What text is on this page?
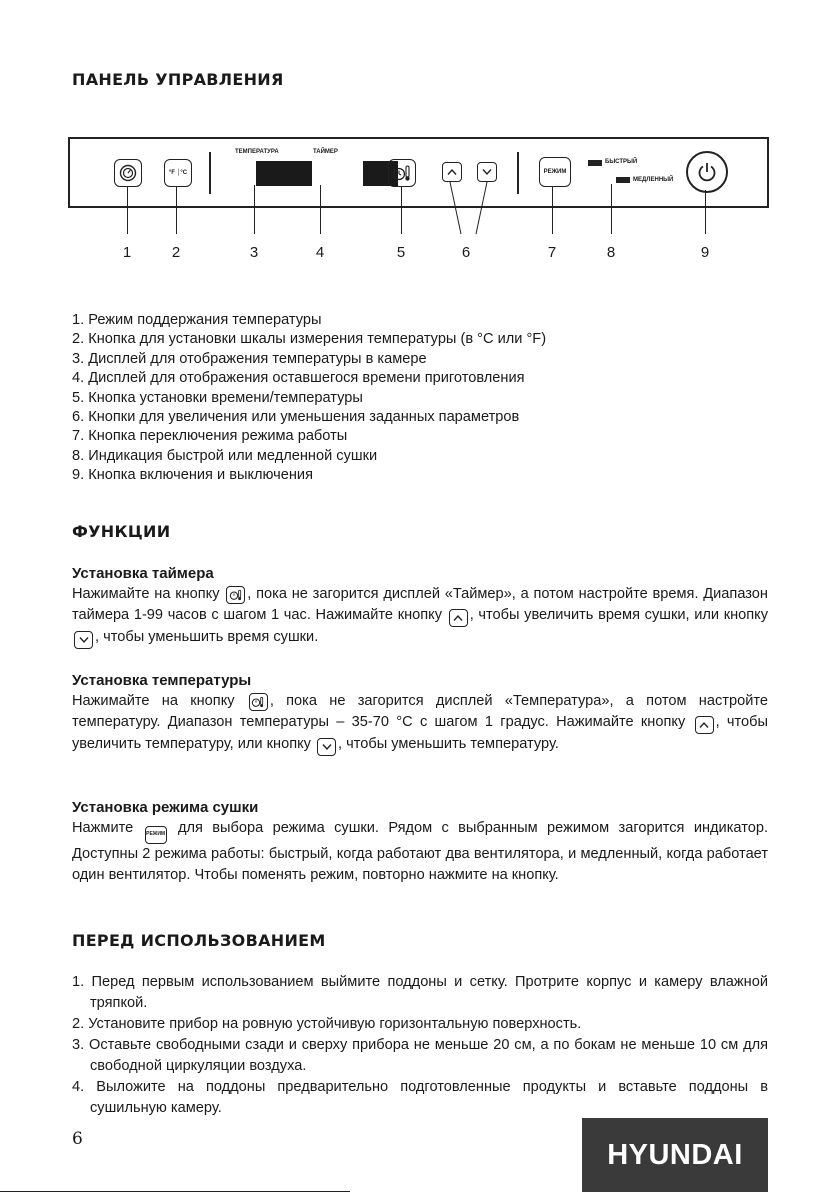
ПАНЕЛЬ УПРАВЛЕНИЯ
°F │°C
ТЕМПЕРАТУРА	ТАЙМЕР
РЕЖИМ
БЫСТРЫЙ
МЕДЛЕННЫЙ
1	2	3	4	5	6	7	8	9
1. Режим поддержания температуры
2. Кнопка для установки шкалы измерения температуры (в °C или °F)
3. Дисплей для отображения температуры в камере
4. Дисплей для отображения оставшегося времени приготовления
5. Кнопка установки времени/температуры
6. Кнопки для увеличения или уменьшения заданных параметров
7. Кнопка переключения режима работы
8. Индикация быстрой или медленной сушки
9. Кнопка включения и выключения
ФУНКЦИИ
Установка таймера

Нажимайте на кнопку , пока не загорится дисплей «Таймер», а потом настройте время. Диапазон таймера 1-99 часов с шагом 1 час. Нажимайте кнопку , чтобы увеличить время сушки, или кнопку
, чтобы уменьшить время сушки.

Установка температуры

Нажимайте на кнопку , пока не загорится дисплей «Температура», а потом настройте температуру. Диапазон температуры – 35-70 °C с шагом 1 градус. Нажимайте кнопку , чтобы увеличить температуру, или кнопку , чтобы уменьшить температуру.

Установка режима сушки

Нажмите	РЕЖИМ для выбора режима сушки. Рядом с выбранным режимом загорится индикатор. Доступны 2 режима работы: быстрый, когда работают два вентилятора, и медленный, когда работает один вентилятор. Чтобы поменять режим, повторно нажмите на кнопку.

ПЕРЕД ИСПОЛЬЗОВАНИЕМ
1. Перед первым использованием выймите поддоны и сетку. Протрите корпус и камеру влажной тряпкой.
2. Установите прибор на ровную устойчивую горизонтальную поверхность.
3. Оставьте свободными сзади и сверху прибора не меньше 20 см, а по бокам не меньше 10 см для свободной циркуляции воздуха.
4. Выложите на поддоны предварительно подготовленные продукты и вставьте поддоны в сушильную камеру.
6	HYUNDAI
